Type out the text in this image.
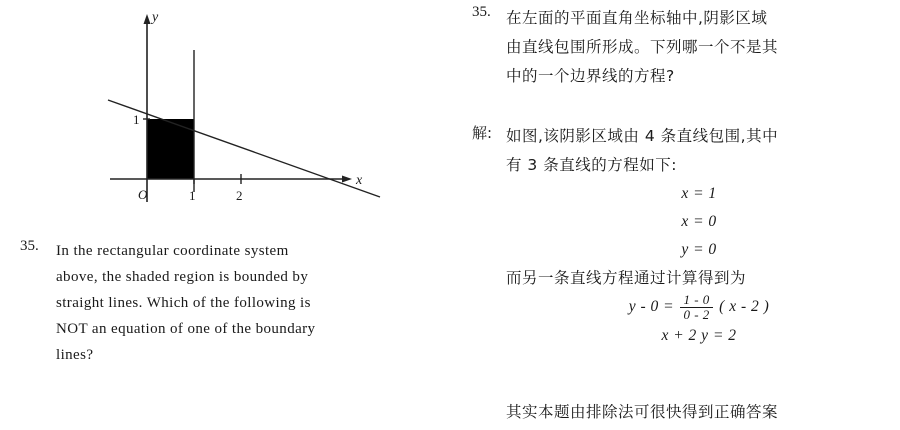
x
y
O	1	2
1
35. In the rectangular coordinate system
above, the shaded region is bounded by
straight lines. Which of the following is
NOT an equation of one of the boundary
lines?
35. 在左面的平面直角坐标轴中,阴影区域
由直线包围所形成。下列哪一个不是其
中的一个边界线的方程?
解: 如图,该阴影区域由 4 条直线包围,其中
有 3 条直线的方程如下:
x = 1
x = 0
y = 0
而另一条直线方程通过计算得到为
$y - 0 = \frac{1 - 0}{0 - 2}$ ( x - 2 )
x + 2 y = 2
其实本题由排除法可很快得到正确答案
